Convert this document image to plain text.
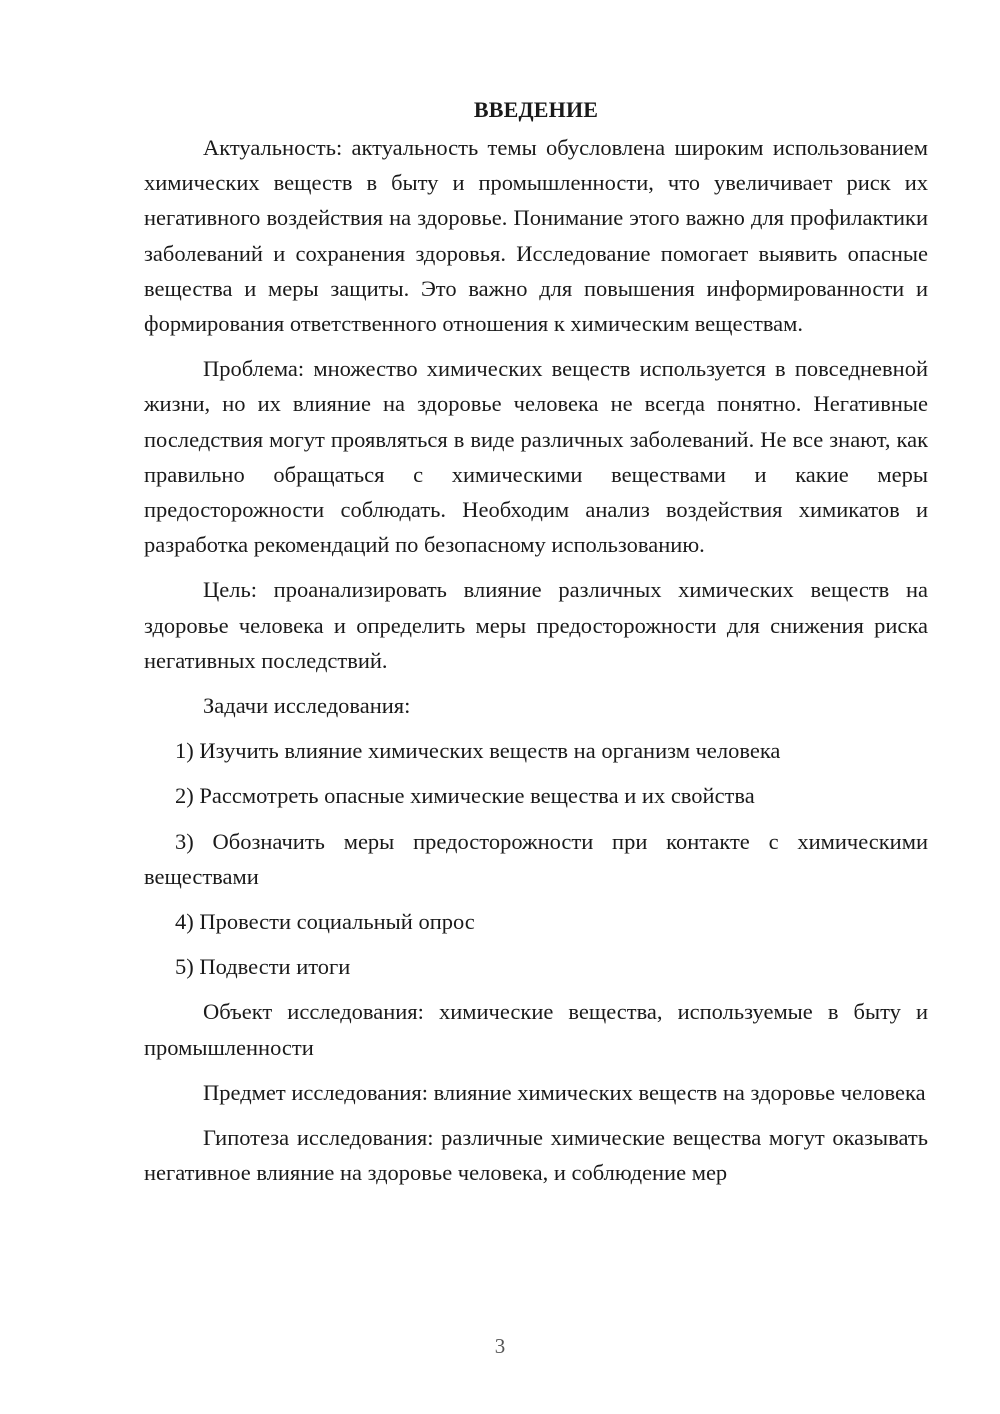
ВВЕДЕНИЕ

Актуальность: актуальность темы обусловлена широким использованием химических веществ в быту и промышленности, что увеличивает риск их негативного воздействия на здоровье. Понимание этого важно для профилактики заболеваний и сохранения здоровья. Исследование помогает выявить опасные вещества и меры защиты. Это важно для повышения информированности и формирования ответственного отношения к химическим веществам.

Проблема: множество химических веществ используется в повседневной жизни, но их влияние на здоровье человека не всегда понятно. Негативные последствия могут проявляться в виде различных заболеваний. Не все знают, как правильно обращаться с химическими веществами и какие меры предосторожности соблюдать. Необходим анализ воздействия химикатов и разработка рекомендаций по безопасному использованию.

Цель: проанализировать влияние различных химических веществ на здоровье человека и определить меры предосторожности для снижения риска негативных последствий.

Задачи исследования:

1) Изучить влияние химических веществ на организм человека

2) Рассмотреть опасные химические вещества и их свойства

3) Обозначить меры предосторожности при контакте с химическими веществами

4) Провести социальный опрос

5) Подвести итоги

Объект исследования: химические вещества, используемые в быту и промышленности

Предмет исследования: влияние химических веществ на здоровье человека

Гипотеза исследования: различные химические вещества могут оказывать негативное влияние на здоровье человека, и соблюдение мер

3
